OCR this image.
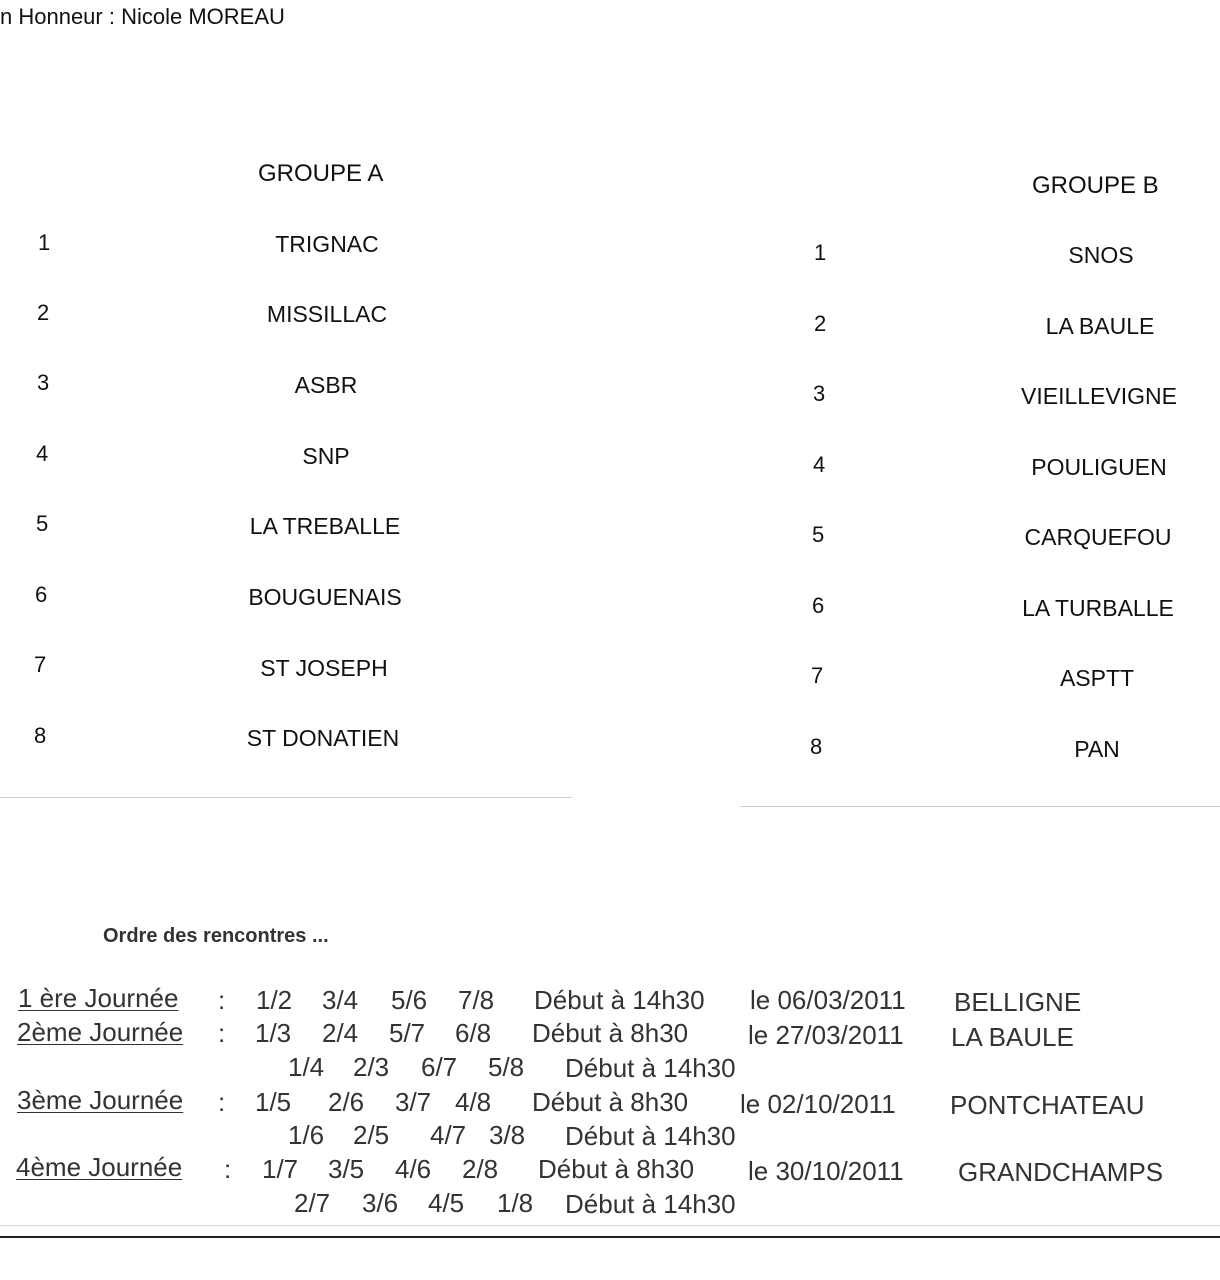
n Honneur : Nicole MOREAU
GROUPE A
1	TRIGNAC
2	MISSILLAC
3	ASBR
4	SNP
5	LA TREBALLE
6	BOUGUENAIS
7	ST JOSEPH
8	ST DONATIEN
GROUPE B
1	SNOS
2	LA BAULE
3	VIEILLEVIGNE
4	POULIGUEN
5	CARQUEFOU
6	LA TURBALLE
7	ASPTT
8	PAN
Ordre des rencontres ...
1 ère Journée : 1/2 3/4 5/6 7/8 Début à 14h30 le 06/03/2011 BELLIGNE
2ème Journée : 1/3 2/4 5/7 6/8 Début à 8h30 le 27/03/2011 LA BAULE
1/4 2/3 6/7 5/8 Début à 14h30
3ème Journée : 1/5 2/6 3/7 4/8 Début à 8h30 le 02/10/2011 PONTCHATEAU
1/6 2/5 4/7 3/8 Début à 14h30
4ème Journée : 1/7 3/5 4/6 2/8 Début à 8h30 le 30/10/2011 GRANDCHAMPS
2/7 3/6 4/5 1/8 Début à 14h30
